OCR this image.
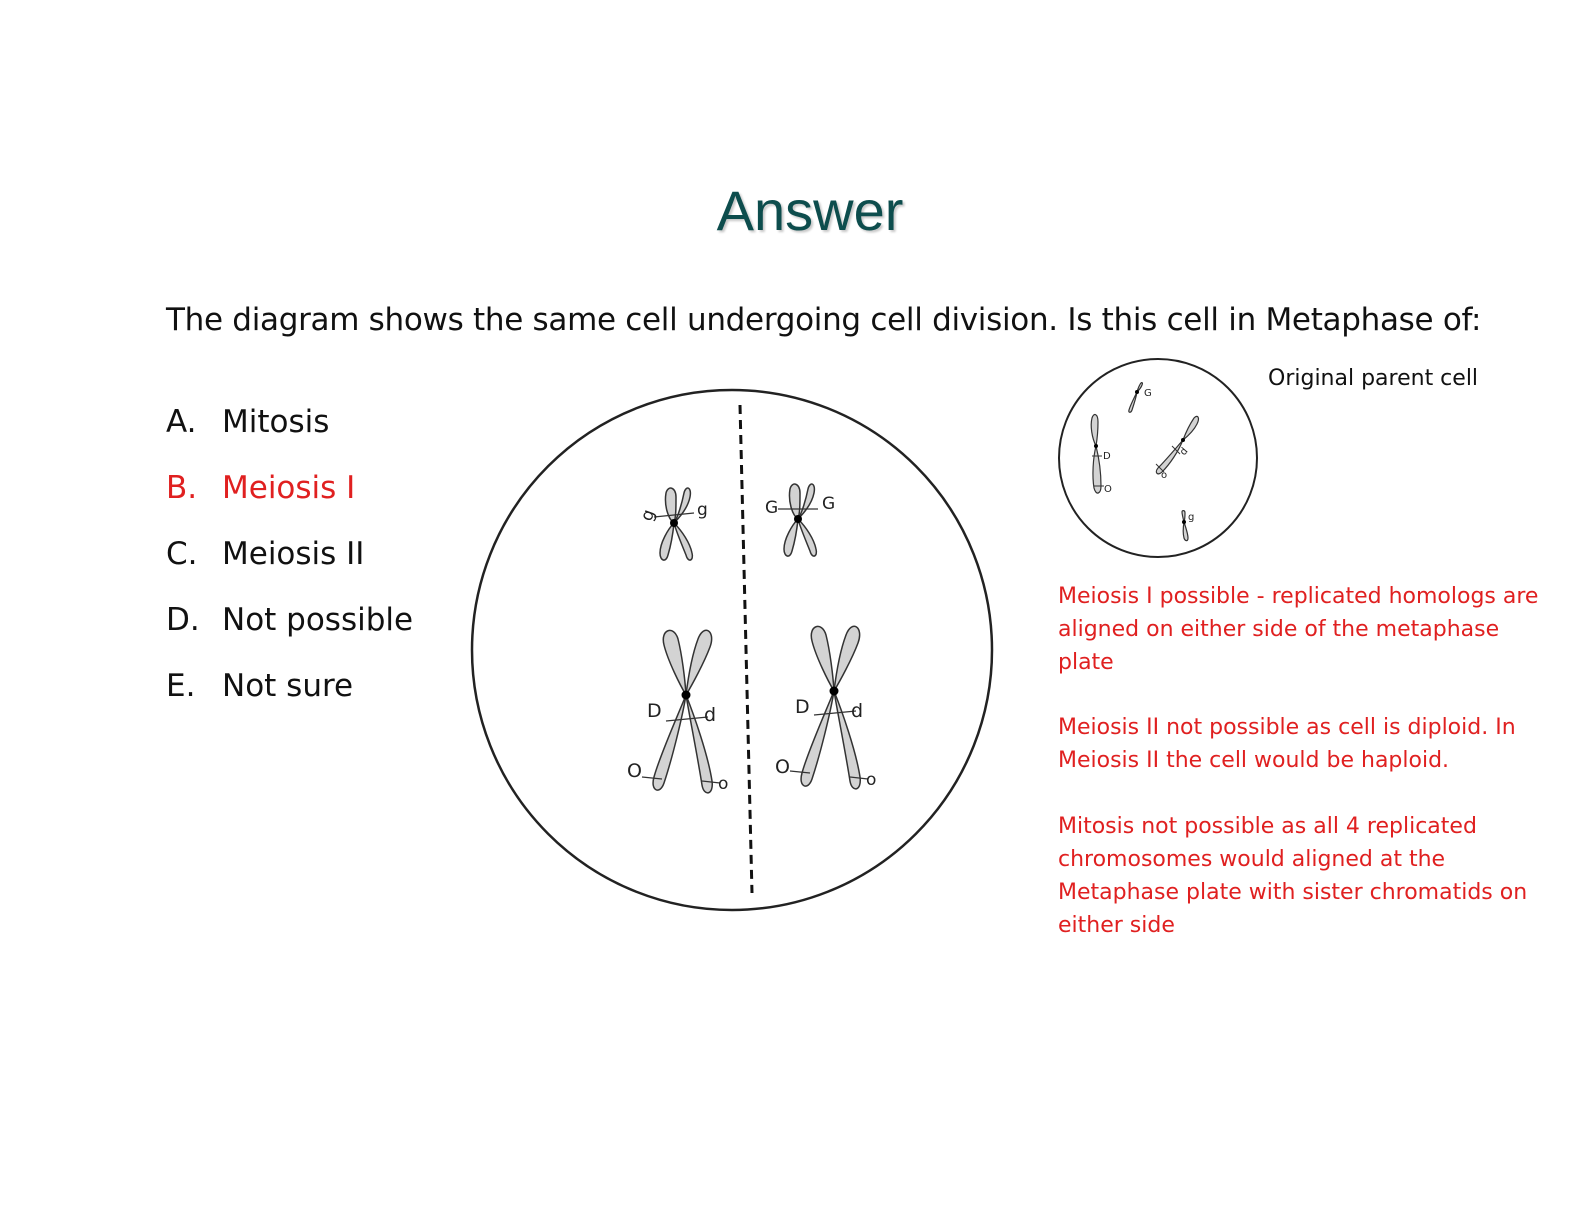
Answer
The diagram shows the same cell undergoing cell division. Is this cell in Metaphase of:
A. Mitosis
B. Meiosis I
C. Meiosis II
D. Not possible
E. Not sure
g g	G	G
D d
O
o
D d
O
o
G
D
O
d
o
g
Original parent cell
Meiosis I possible - replicated homologs are aligned on either side of the metaphase plate
Meiosis II not possible as cell is diploid. In Meiosis II the cell would be haploid.
Mitosis not possible as all 4 replicated chromosomes would aligned at the Metaphase plate with sister chromatids on either side
